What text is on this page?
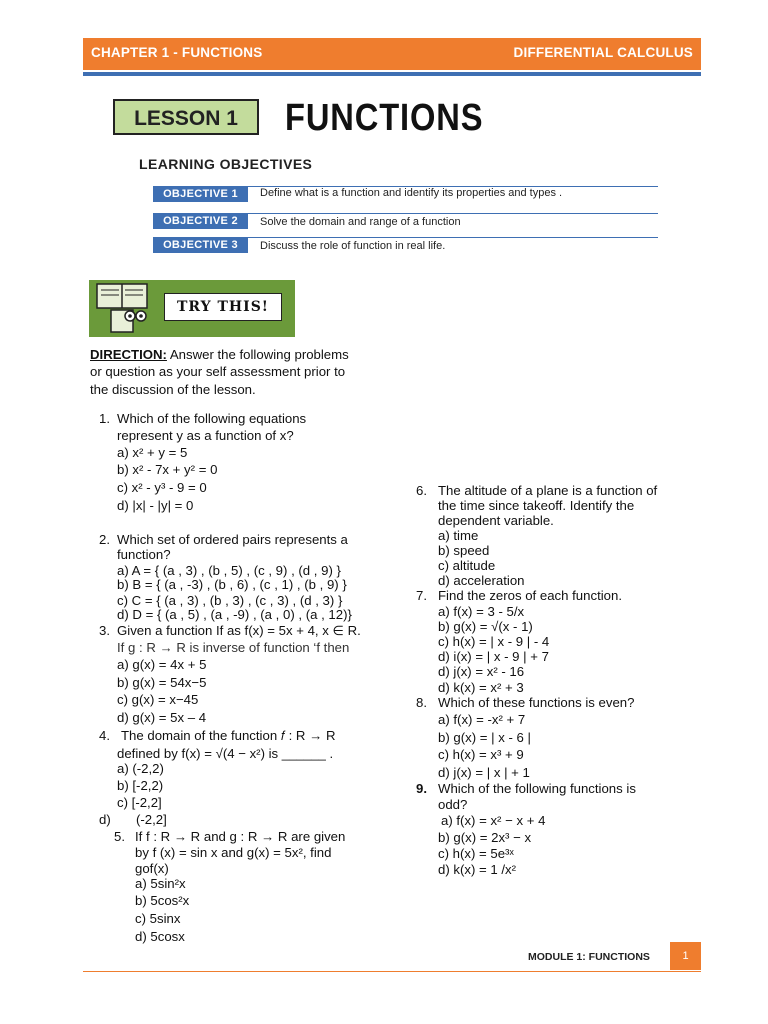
CHAPTER 1 - FUNCTIONS	DIFFERENTIAL CALCULUS
LESSON 1	FUNCTIONS
LEARNING OBJECTIVES
OBJECTIVE 1	Define what is a function and identify its properties and types .
OBJECTIVE 2	Solve the domain and range of a function
OBJECTIVE 3	Discuss the role of function in real life.
TRY THIS!
DIRECTION: Answer the following problems
or question as your self assessment prior to
the discussion of the lesson.
1. Which of the following equations
represent y as a function of x?
a) x² + y = 5
b) x² - 7x + y² = 0
c) x² - y³ - 9 = 0
d) |x| - |y| = 0
2. Which set of ordered pairs represents a
function?
a) A = { (a , 3) , (b , 5) , (c , 9) , (d , 9) }
b) B = { (a , -3) , (b , 6) , (c , 1) , (b , 9) }
c) C = { (a , 3) , (b , 3) , (c , 3) , (d , 3) }
d) D = { (a , 5) , (a , -9) , (a , 0) , (a , 12)}
3. Given a function If as f(x) = 5x + 4, x ∈ R.
If g : R → R is inverse of function ‘f then
a) g(x) = 4x + 5
b) g(x) = 54x−5
c) g(x) = x−45
d) g(x) = 5x – 4
4. The domain of the function 𝑓 : R → R
defined by f(x) = √(4 − x²) is ______ .
a) (-2,2)
b) [-2,2)
c) [-2,2]
d) (-2,2]
5. If f : R → R and g : R → R are given
by f (x) = sin x and g(x) = 5x², find
gof(x)
a) 5sin²x
b) 5cos²x
c) 5sinx
d) 5cosx
6. The altitude of a plane is a function of
the time since takeoff. Identify the
dependent variable.
a) time
b) speed
c) altitude
d) acceleration
7. Find the zeros of each function.
a) f(x) = 3 - 5/x
b) g(x) = √(x - 1)
c) h(x) = | x - 9 | - 4
d) i(x) = | x - 9 | + 7
d) j(x) = x² - 16
d) k(x) = x² + 3
8. Which of these functions is even?
a) f(x) = -x² + 7
b) g(x) = | x - 6 |
c) h(x) = x³ + 9
d) j(x) = | x | + 1
9. Which of the following functions is
odd?
a) f(x) = x² − x + 4
b) g(x) = 2x³ − x
c) h(x) = 5e³ˣ
d) k(x) = 1 /x²
MODULE 1: FUNCTIONS	1
